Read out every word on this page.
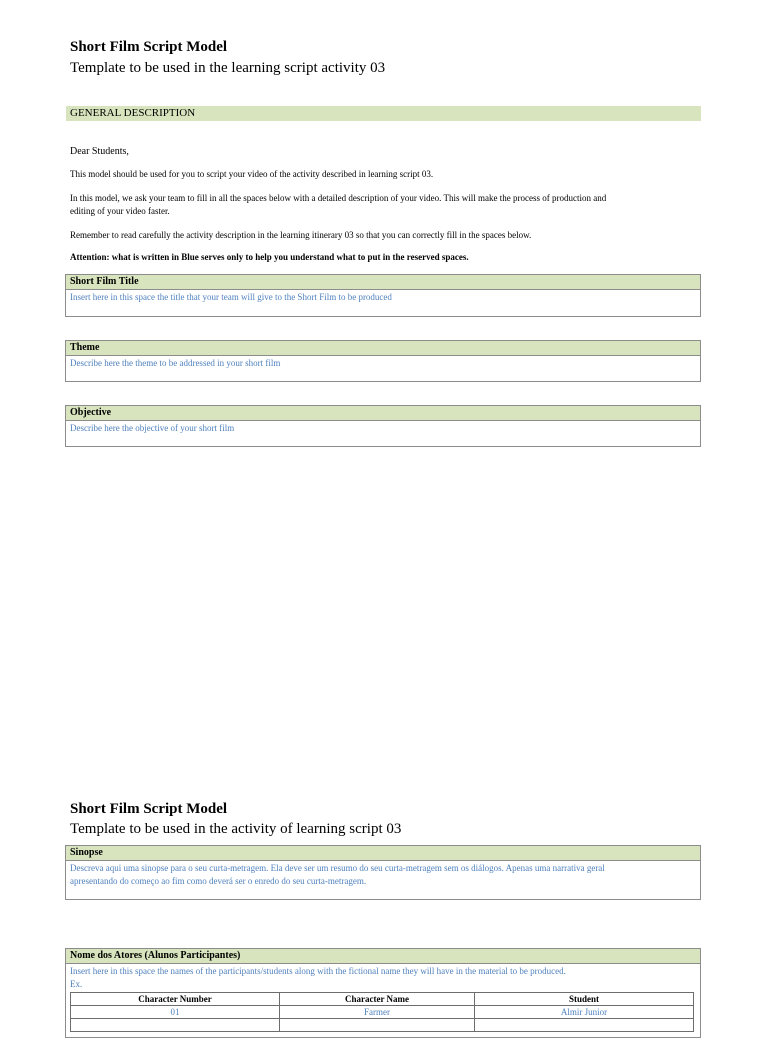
Short Film Script Model
Template to be used in the learning script activity 03
GENERAL DESCRIPTION
Dear Students,
This model should be used for you to script your video of the activity described in learning script 03.
In this model, we ask your team to fill in all the spaces below with a detailed description of your video. This will make the process of production and editing of your video faster.
Remember to read carefully the activity description in the learning itinerary 03 so that you can correctly fill in the spaces below.
Attention: what is written in Blue serves only to help you understand what to put in the reserved spaces.
Short Film Title
Insert here in this space the title that your team will give to the Short Film to be produced
Theme
Describe here the theme to be addressed in your short film
Objective
Describe here the objective of your short film
Short Film Script Model
Template to be used in the activity of learning script 03
Sinopse
Descreva aqui uma sinopse para o seu curta-metragem. Ela deve ser um resumo do seu curta-metragem sem os diálogos. Apenas uma narrativa geral apresentando do começo ao fim como deverá ser o enredo do seu curta-metragem.
Nome dos Atores (Alunos Participantes)
Insert here in this space the names of the participants/students along with the fictional name they will have in the material to be produced.
Ex.
Character Number	Character Name	Student
01	Farmer	Almir Junior
